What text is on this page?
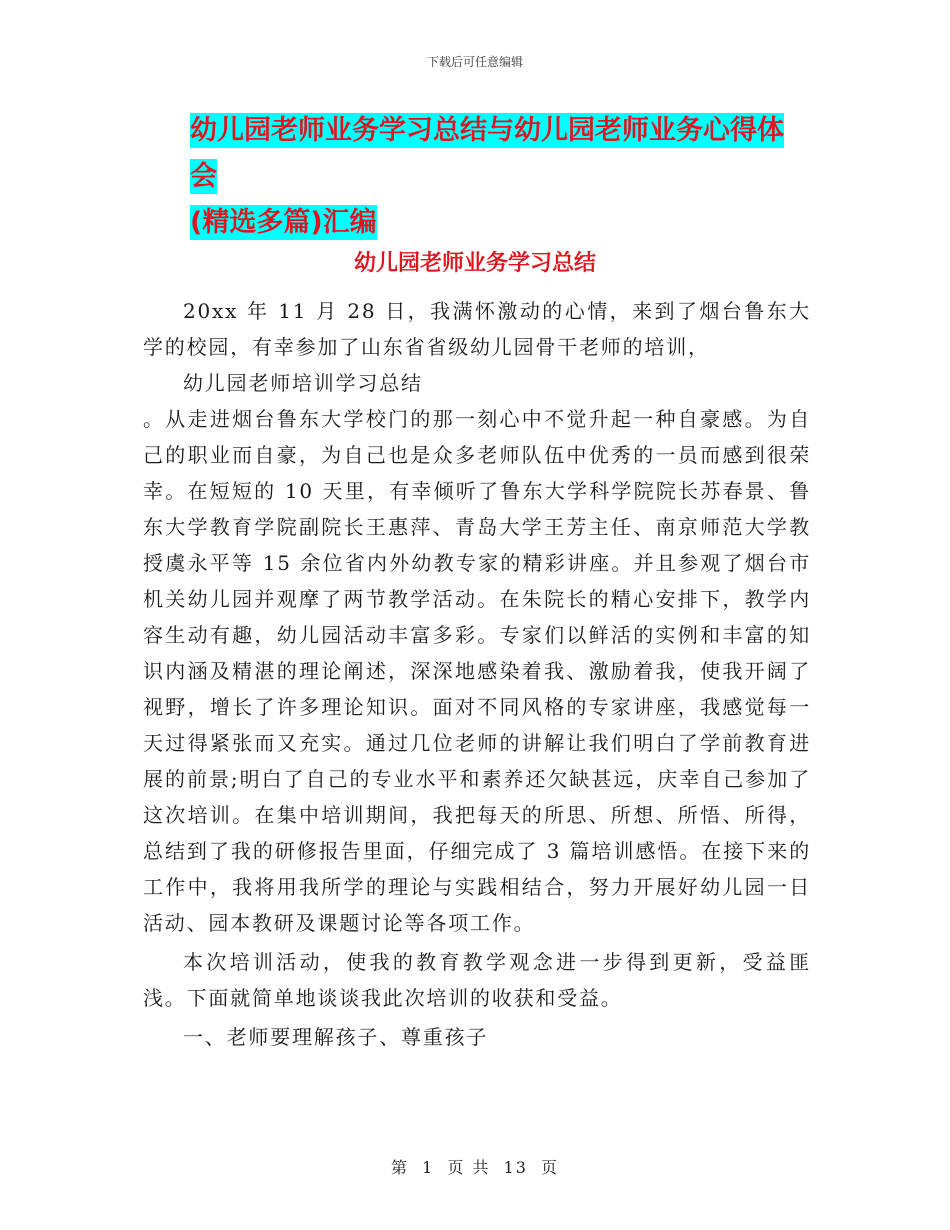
下载后可任意编辑
幼儿园老师业务学习总结与幼儿园老师业务心得体会
(精选多篇)汇编
幼儿园老师业务学习总结

20xx 年 11 月 28 日，我满怀激动的心情，来到了烟台鲁东大学的校园，有幸参加了山东省省级幼儿园骨干老师的培训，

幼儿园老师培训学习总结

。从走进烟台鲁东大学校门的那一刻心中不觉升起一种自豪感。为自己的职业而自豪，为自己也是众多老师队伍中优秀的一员而感到很荣幸。在短短的 10 天里，有幸倾听了鲁东大学科学院院长苏春景、鲁东大学教育学院副院长王惠萍、青岛大学王芳主任、南京师范大学教授虞永平等 15 余位省内外幼教专家的精彩讲座。并且参观了烟台市机关幼儿园并观摩了两节教学活动。在朱院长的精心安排下，教学内容生动有趣，幼儿园活动丰富多彩。专家们以鲜活的实例和丰富的知识内涵及精湛的理论阐述，深深地感染着我、激励着我，使我开阔了视野，增长了许多理论知识。面对不同风格的专家讲座，我感觉每一天过得紧张而又充实。通过几位老师的讲解让我们明白了学前教育进展的前景;明白了自己的专业水平和素养还欠缺甚远，庆幸自己参加了这次培训。在集中培训期间，我把每天的所思、所想、所悟、所得，总结到了我的研修报告里面，仔细完成了 3 篇培训感悟。在接下来的工作中，我将用我所学的理论与实践相结合，努力开展好幼儿园一日活动、园本教研及课题讨论等各项工作。

本次培训活动，使我的教育教学观念进一步得到更新，受益匪浅。下面就简单地谈谈我此次培训的收获和受益。

一、老师要理解孩子、尊重孩子

第 1 页 共 13 页
